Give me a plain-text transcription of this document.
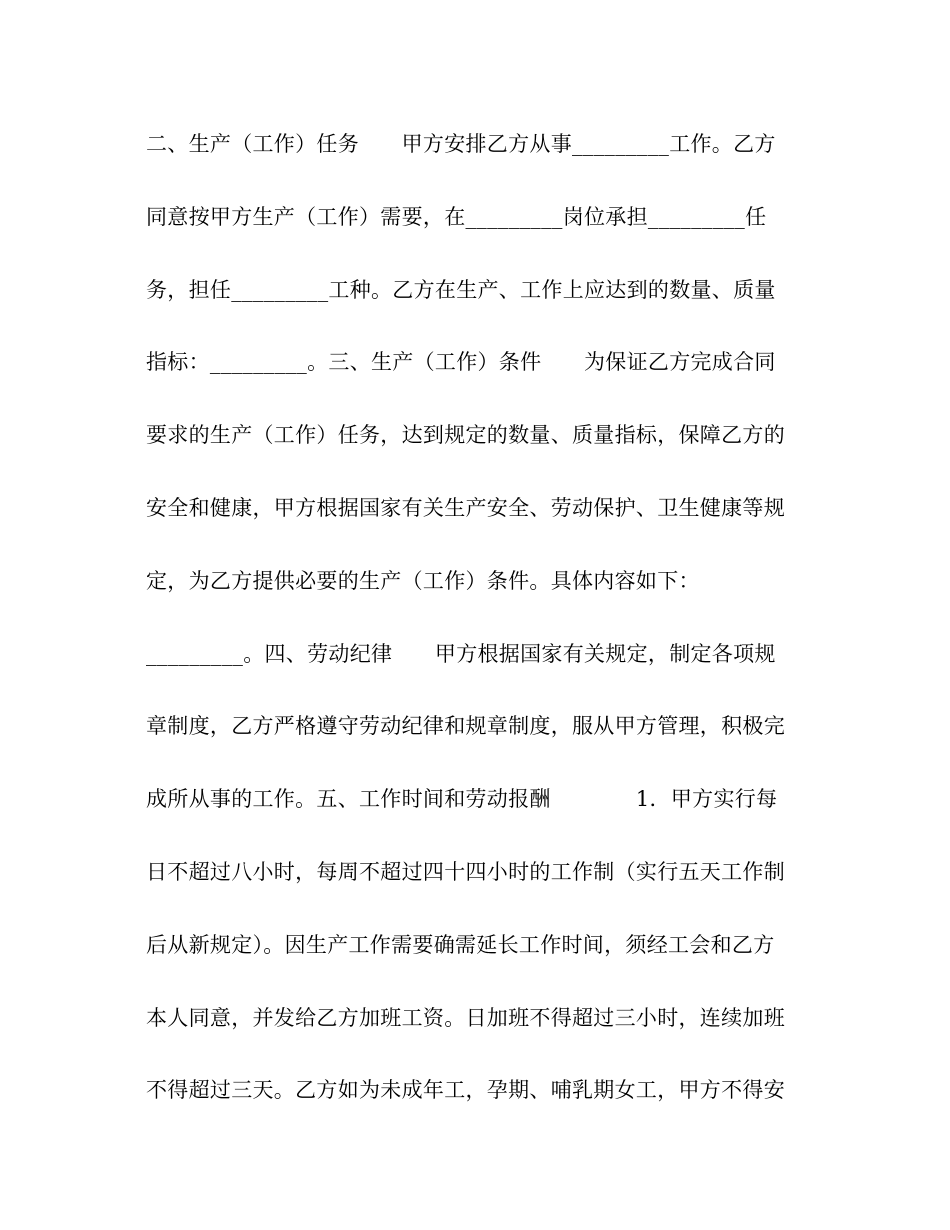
二、生产（工作）任务　　甲方安排乙方从事_________工作。乙方
同意按甲方生产（工作）需要，在_________岗位承担_________任
务，担任_________工种。乙方在生产、工作上应达到的数量、质量
指标：_________。三、生产（工作）条件　　为保证乙方完成合同
要求的生产（工作）任务，达到规定的数量、质量指标，保障乙方的
安全和健康，甲方根据国家有关生产安全、劳动保护、卫生健康等规
定，为乙方提供必要的生产（工作）条件。具体内容如下：
_________。四、劳动纪律　　甲方根据国家有关规定，制定各项规
章制度，乙方严格遵守劳动纪律和规章制度，服从甲方管理，积极完
成所从事的工作。五、工作时间和劳动报酬　　　　1．甲方实行每
日不超过八小时，每周不超过四十四小时的工作制（实行五天工作制
后从新规定）。因生产工作需要确需延长工作时间，须经工会和乙方
本人同意，并发给乙方加班工资。日加班不得超过三小时，连续加班
不得超过三天。乙方如为未成年工，孕期、哺乳期女工，甲方不得安
